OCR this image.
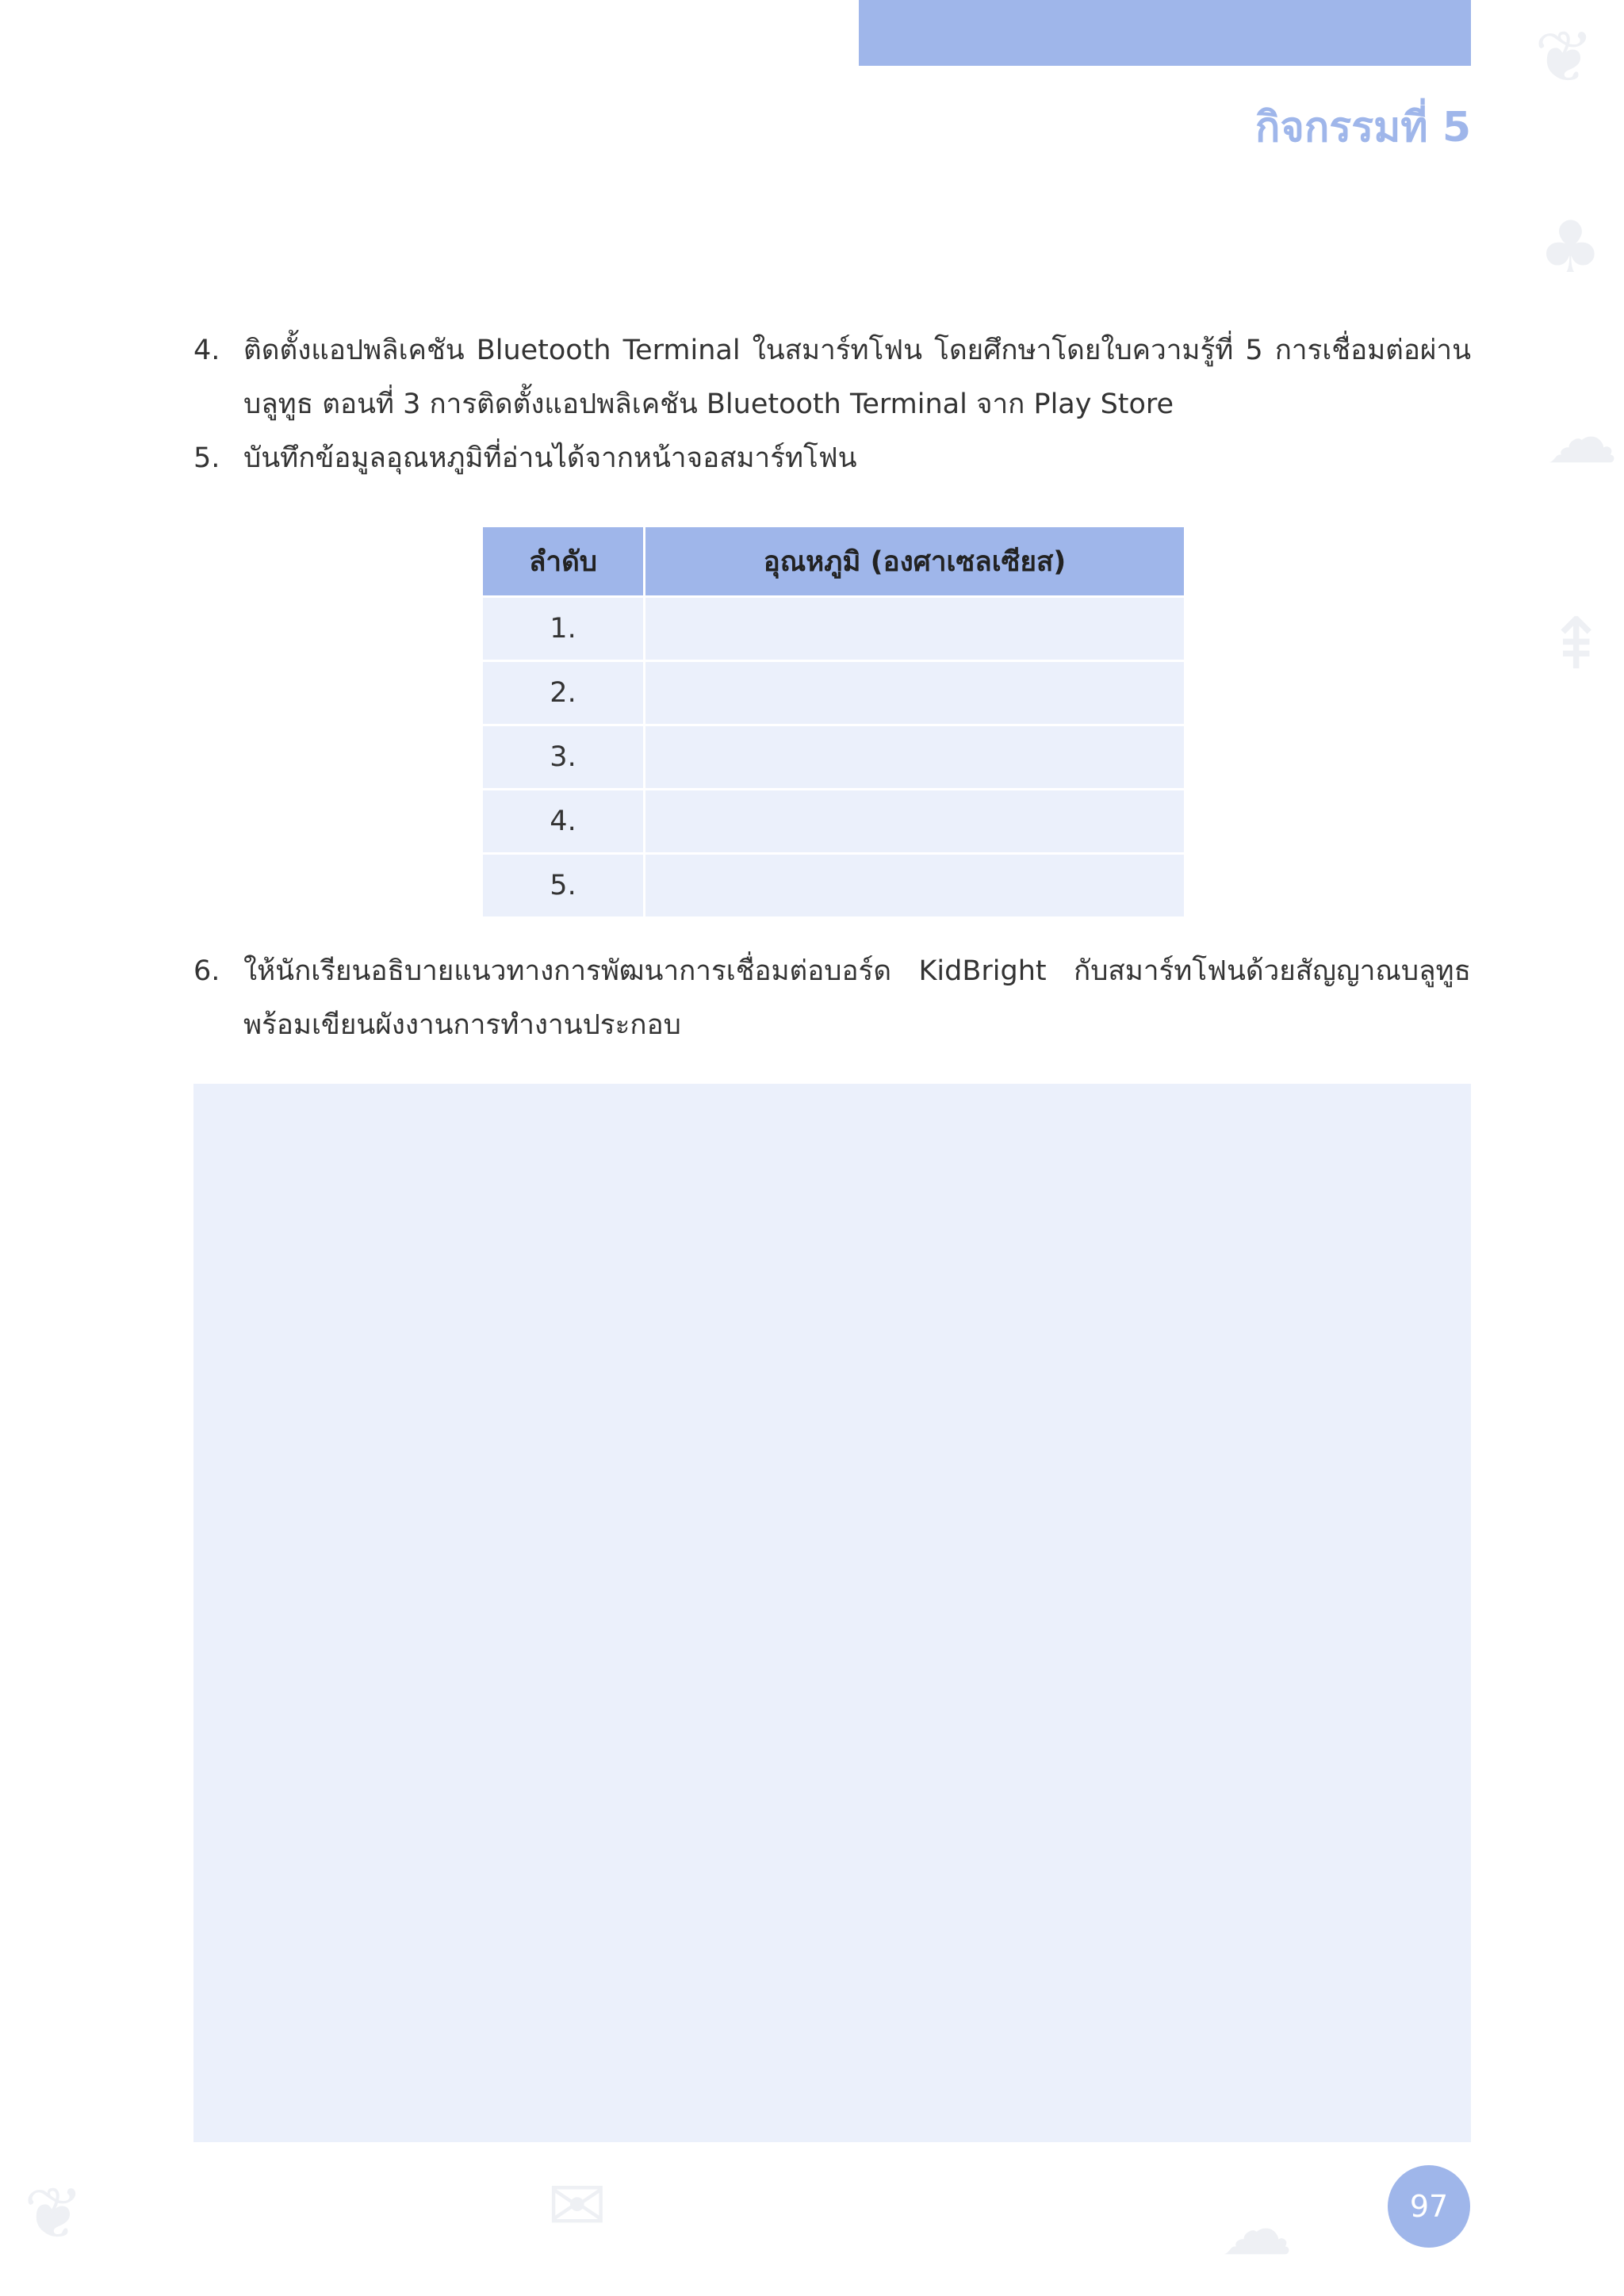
กิจกรรมที่ 5
❦
♣
☁
⇞
❦	✉	☁
4. ติดตั้งแอปพลิเคชัน Bluetooth Terminal ในสมาร์ทโฟน โดยศึกษาโดยใบความรู้ที่ 5 การเชื่อมต่อผ่านบลูทูธ ตอนที่ 3 การติดตั้งแอปพลิเคชัน Bluetooth Terminal จาก Play Store
5. บันทึกข้อมูลอุณหภูมิที่อ่านได้จากหน้าจอสมาร์ทโฟน
ลำดับ	อุณหภูมิ (องศาเซลเซียส)
1.	
2.	
3.	
4.	
5.	
6. ให้นักเรียนอธิบายแนวทางการพัฒนาการเชื่อมต่อบอร์ด KidBright กับสมาร์ทโฟนด้วยสัญญาณบลูทูธ พร้อมเขียนผังงานการทำงานประกอบ
97
